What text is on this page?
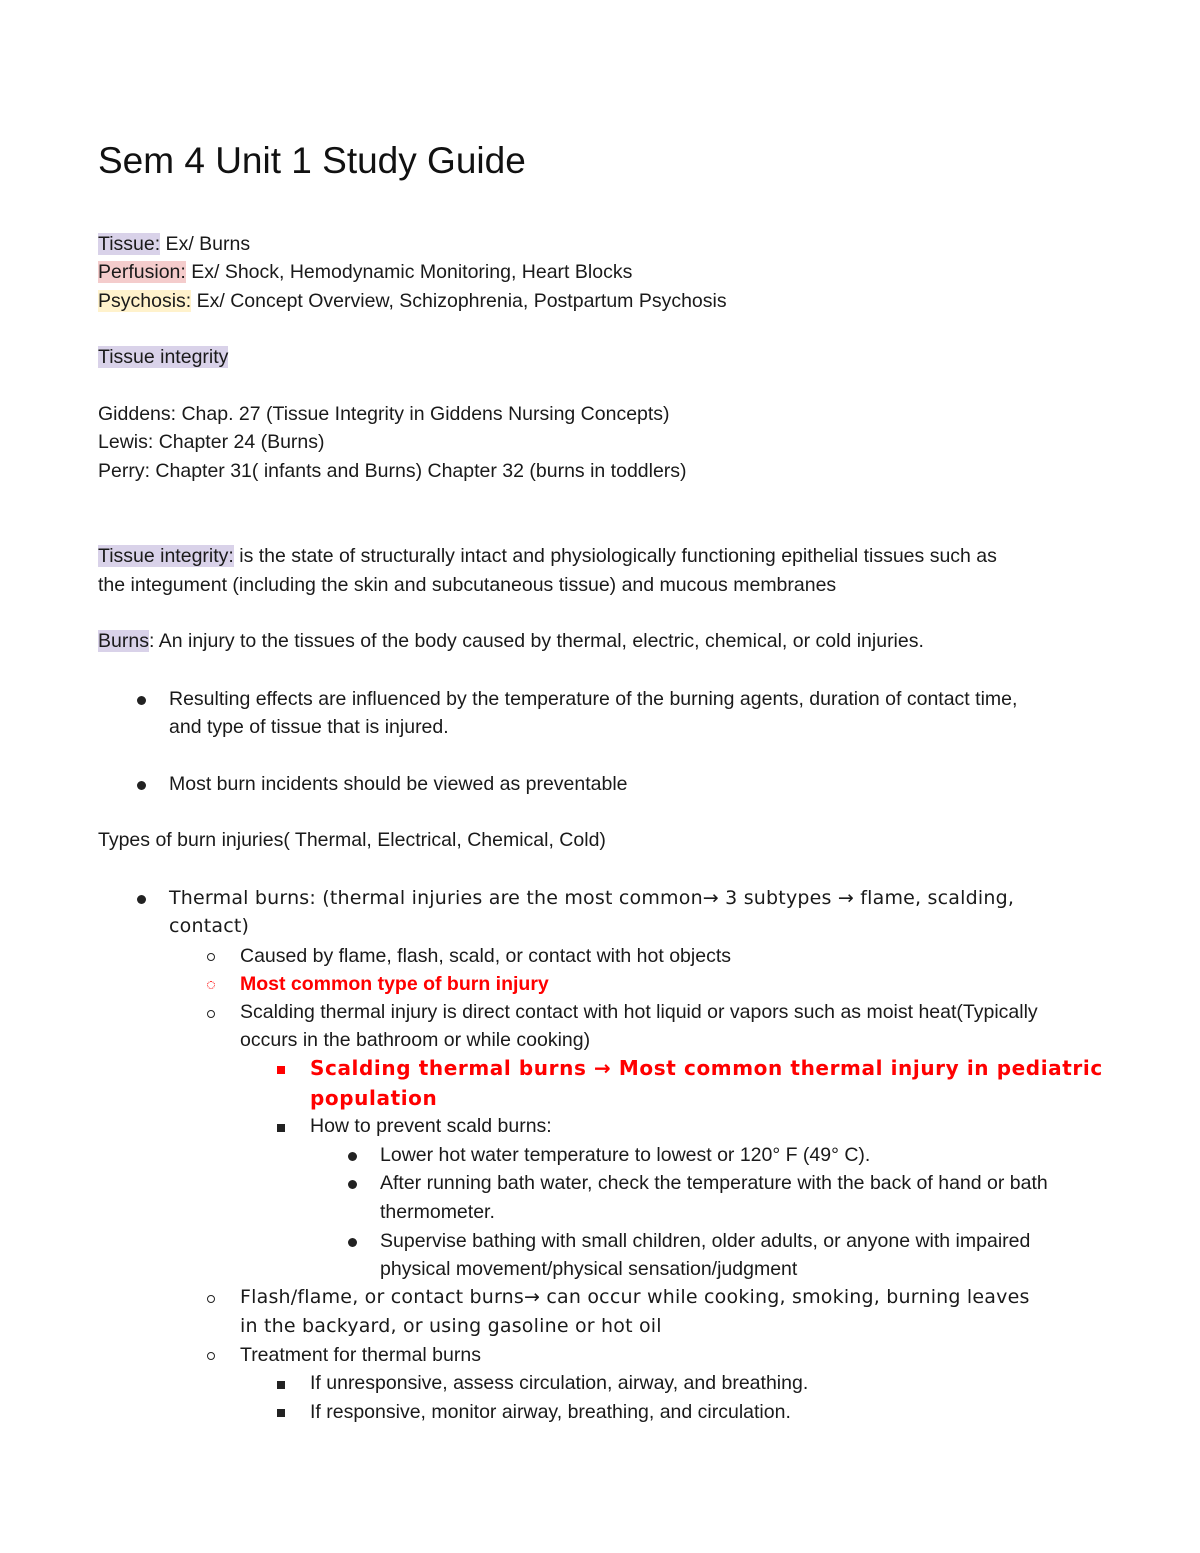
Sem 4 Unit 1 Study Guide
Tissue: Ex/ Burns
Perfusion: Ex/ Shock, Hemodynamic Monitoring, Heart Blocks
Psychosis: Ex/ Concept Overview, Schizophrenia, Postpartum Psychosis
Tissue integrity
Giddens: Chap. 27 (Tissue Integrity in Giddens Nursing Concepts)
Lewis: Chapter 24 (Burns)
Perry: Chapter 31( infants and Burns) Chapter 32 (burns in toddlers)
Tissue integrity: is the state of structurally intact and physiologically functioning epithelial tissues such as
the integument (including the skin and subcutaneous tissue) and mucous membranes
Burns: An injury to the tissues of the body caused by thermal, electric, chemical, or cold injuries.
Resulting effects are influenced by the temperature of the burning agents, duration of contact time,
and type of tissue that is injured.
Most burn incidents should be viewed as preventable
Types of burn injuries( Thermal, Electrical, Chemical, Cold)
Thermal burns: (thermal injuries are the most common→ 3 subtypes → flame, scalding,
contact)
Caused by flame, flash, scald, or contact with hot objects
Most common type of burn injury
Scalding thermal injury is direct contact with hot liquid or vapors such as moist heat(Typically
occurs in the bathroom or while cooking)
Scalding thermal burns → Most common thermal injury in pediatric
population
How to prevent scald burns:
Lower hot water temperature to lowest or 120° F (49° C).
After running bath water, check the temperature with the back of hand or bath
thermometer.
Supervise bathing with small children, older adults, or anyone with impaired
physical movement/physical sensation/judgment
Flash/flame, or contact burns→ can occur while cooking, smoking, burning leaves
in the backyard, or using gasoline or hot oil
Treatment for thermal burns
If unresponsive, assess circulation, airway, and breathing.
If responsive, monitor airway, breathing, and circulation.
